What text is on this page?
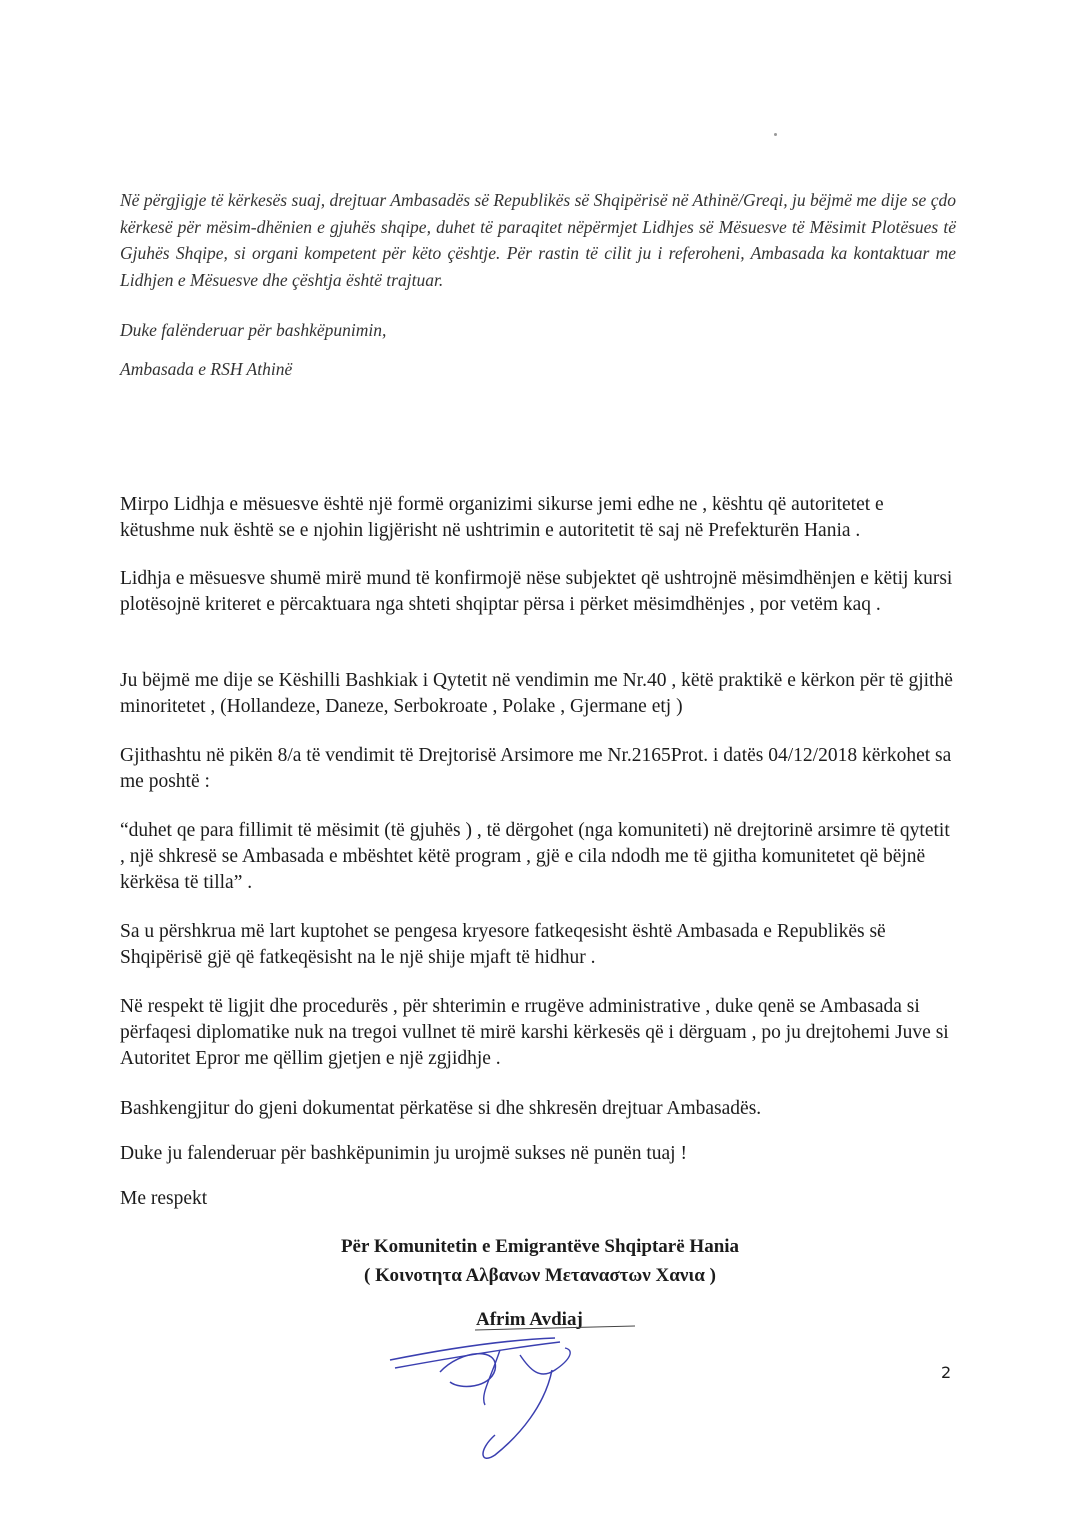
Në përgjigje të kërkesës suaj, drejtuar Ambasadës së Republikës së Shqipërisë në Athinë/Greqi, ju bëjmë me dije se çdo kërkesë për mësim-dhënien e gjuhës shqipe, duhet të paraqitet nëpërmjet Lidhjes së Mësuesve të Mësimit Plotësues të Gjuhës Shqipe, si organi kompetent për këto çështje. Për rastin të cilit ju i referoheni, Ambasada ka kontaktuar me Lidhjen e Mësuesve dhe çështja është trajtuar.

Duke falënderuar për bashkëpunimin,

Ambasada e RSH Athinë

Mirpo Lidhja e mësuesve është një formë organizimi sikurse jemi edhe ne , kështu që autoritetet e këtushme nuk është se e njohin ligjërisht në ushtrimin e autoritetit të saj në Prefekturën Hania .

Lidhja e mësuesve shumë mirë mund të konfirmojë nëse subjektet që ushtrojnë mësimdhënjen e këtij kursi plotësojnë kriteret e përcaktuara nga shteti shqiptar përsa i përket mësimdhënjes , por vetëm kaq .

Ju bëjmë me dije se Këshilli Bashkiak i Qytetit në vendimin me Nr.40 , këtë praktikë e kërkon për të gjithë minoritetet , (Hollandeze, Daneze, Serbokroate , Polake , Gjermane etj )

Gjithashtu në pikën 8/a të vendimit të Drejtorisë Arsimore me Nr.2165Prot. i datës 04/12/2018 kërkohet sa me poshtë :

“duhet qe para fillimit të mësimit (të gjuhës ) , të dërgohet (nga komuniteti) në drejtorinë arsimre të qytetit , një shkresë se Ambasada e mbështet këtë program , gjë e cila ndodh me të gjitha komunitetet që bëjnë kërkësa të tilla” .

Sa u përshkrua më lart kuptohet se pengesa kryesore fatkeqesisht është Ambasada e Republikës së Shqipërisë gjë që fatkeqësisht na le një shije mjaft të hidhur .

Në respekt të ligjit dhe procedurës , për shterimin e rrugëve administrative , duke qenë se Ambasada si përfaqesi diplomatike nuk na tregoi vullnet të mirë karshi kërkesës që i dërguam , po ju drejtohemi Juve si Autoritet Epror me qëllim gjetjen e një zgjidhje .

Bashkengjitur do gjeni dokumentat përkatëse si dhe shkresën drejtuar Ambasadës.

Duke ju falenderuar për bashkëpunimin ju urojmë sukses në punën tuaj !

Me respekt

Për Komunitetin e Emigrantëve Shqiptarë Hania
( Κοινοτητα Αλβανων Μεταναστων Χανια )
Afrim Avdiaj
2
